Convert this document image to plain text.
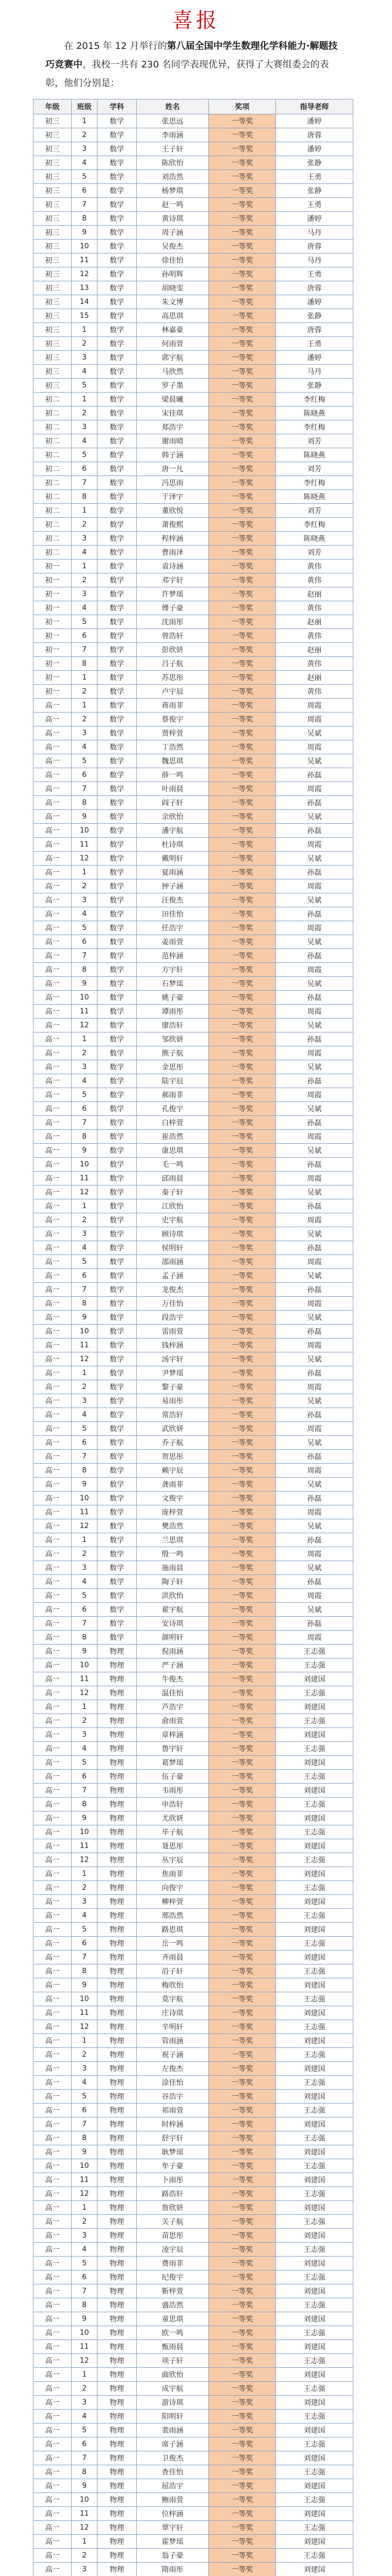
喜报

在 2015 年 12 月举行的第八届全国中学生数理化学科能力·解题技巧竞赛中，我校一共有 230 名同学表现优异，获得了大赛组委会的表彰，他们分别是：

年级	班级	学科	姓名	奖项	指导老师
初三	1	数学	张思远	一等奖	潘婷
初三	2	数学	李雨涵	一等奖	唐蓉
初三	3	数学	王子轩	一等奖	潘婷
初三	4	数学	陈欣怡	一等奖	张静
初三	5	数学	刘浩然	一等奖	王勇
初三	6	数学	杨梦琪	一等奖	张静
初三	7	数学	赵一鸣	一等奖	王勇
初三	8	数学	黄诗琪	一等奖	潘婷
初三	9	数学	周子涵	一等奖	马丹
初三	10	数学	吴俊杰	一等奖	唐蓉
初三	11	数学	徐佳怡	一等奖	马丹
初三	12	数学	孙明辉	一等奖	王勇
初三	13	数学	胡晓雯	一等奖	唐蓉
初三	14	数学	朱文博	一等奖	潘婷
初三	15	数学	高思琪	一等奖	张静
初三	1	数学	林嘉豪	一等奖	唐蓉
初三	2	数学	何雨萱	一等奖	王勇
初三	3	数学	郭宇航	一等奖	潘婷
初三	4	数学	马欣然	一等奖	马丹
初三	5	数学	罗子墨	一等奖	张静
初二	1	数学	梁晨曦	一等奖	李红梅
初二	2	数学	宋佳琪	一等奖	陈晓燕
初二	3	数学	郑浩宇	一等奖	李红梅
初二	4	数学	谢雨晴	一等奖	刘芳
初二	5	数学	韩子涵	一等奖	陈晓燕
初二	6	数学	唐一凡	一等奖	刘芳
初二	7	数学	冯思雨	一等奖	李红梅
初二	8	数学	于泽宇	一等奖	陈晓燕
初二	1	数学	董欣悦	一等奖	刘芳
初二	2	数学	萧俊熙	一等奖	李红梅
初二	3	数学	程梓涵	一等奖	陈晓燕
初二	4	数学	曹雨泽	一等奖	刘芳
初一	1	数学	袁诗涵	一等奖	黄伟
初一	2	数学	邓宇轩	一等奖	黄伟
初一	3	数学	许梦瑶	一等奖	赵丽
初一	4	数学	傅子豪	一等奖	黄伟
初一	5	数学	沈雨彤	一等奖	赵丽
初一	6	数学	曾浩轩	一等奖	黄伟
初一	7	数学	彭欣妍	一等奖	赵丽
初一	8	数学	吕子航	一等奖	黄伟
初一	1	数学	苏思彤	一等奖	赵丽
初一	2	数学	卢宇辰	一等奖	黄伟
高一	1	数学	蒋雨菲	一等奖	周霞
高一	2	数学	蔡俊宇	一等奖	周霞
高一	3	数学	贾梓萱	一等奖	吴斌
高一	4	数学	丁浩然	一等奖	周霞
高一	5	数学	魏思琪	一等奖	吴斌
高一	6	数学	薛一鸣	一等奖	孙磊
高一	7	数学	叶雨晨	一等奖	周霞
高一	8	数学	阎子轩	一等奖	孙磊
高一	9	数学	余欣怡	一等奖	吴斌
高一	10	数学	潘宇航	一等奖	孙磊
高一	11	数学	杜诗琪	一等奖	周霞
高一	12	数学	戴明轩	一等奖	吴斌
高一	1	数学	夏雨涵	一等奖	孙磊
高一	2	数学	钟子涵	一等奖	周霞
高一	3	数学	汪俊杰	一等奖	吴斌
高一	4	数学	田佳怡	一等奖	孙磊
高一	5	数学	任浩宇	一等奖	周霞
高一	6	数学	姜雨萱	一等奖	吴斌
高一	7	数学	范梓涵	一等奖	孙磊
高一	8	数学	方宇轩	一等奖	周霞
高一	9	数学	石梦瑶	一等奖	吴斌
高一	10	数学	姚子豪	一等奖	孙磊
高一	11	数学	谭雨彤	一等奖	周霞
高一	12	数学	廖浩轩	一等奖	吴斌
高一	1	数学	邹欣妍	一等奖	孙磊
高一	2	数学	熊子航	一等奖	周霞
高一	3	数学	金思彤	一等奖	吴斌
高一	4	数学	陆宇辰	一等奖	孙磊
高一	5	数学	郝雨菲	一等奖	周霞
高一	6	数学	孔俊宇	一等奖	吴斌
高一	7	数学	白梓萱	一等奖	孙磊
高一	8	数学	崔浩然	一等奖	周霞
高一	9	数学	康思琪	一等奖	吴斌
高一	10	数学	毛一鸣	一等奖	孙磊
高一	11	数学	邱雨晨	一等奖	周霞
高一	12	数学	秦子轩	一等奖	吴斌
高一	1	数学	江欣怡	一等奖	孙磊
高一	2	数学	史宇航	一等奖	周霞
高一	3	数学	顾诗琪	一等奖	吴斌
高一	4	数学	侯明轩	一等奖	孙磊
高一	5	数学	邵雨涵	一等奖	周霞
高一	6	数学	孟子涵	一等奖	吴斌
高一	7	数学	龙俊杰	一等奖	孙磊
高一	8	数学	万佳怡	一等奖	周霞
高一	9	数学	段浩宇	一等奖	吴斌
高一	10	数学	雷雨萱	一等奖	孙磊
高一	11	数学	钱梓涵	一等奖	周霞
高一	12	数学	汤宇轩	一等奖	吴斌
高一	1	数学	尹梦瑶	一等奖	孙磊
高一	2	数学	黎子豪	一等奖	周霞
高一	3	数学	易雨彤	一等奖	吴斌
高一	4	数学	常浩轩	一等奖	孙磊
高一	5	数学	武欣妍	一等奖	周霞
高一	6	数学	乔子航	一等奖	吴斌
高一	7	数学	贺思彤	一等奖	孙磊
高一	8	数学	赖宇辰	一等奖	周霞
高一	9	数学	龚雨菲	一等奖	吴斌
高一	10	数学	文俊宇	一等奖	孙磊
高一	11	数学	庞梓萱	一等奖	周霞
高一	12	数学	樊浩然	一等奖	吴斌
高一	1	数学	兰思琪	一等奖	孙磊
高一	2	数学	殷一鸣	一等奖	周霞
高一	3	数学	施雨晨	一等奖	吴斌
高一	4	数学	陶子轩	一等奖	孙磊
高一	5	数学	洪欣怡	一等奖	周霞
高一	6	数学	翟宇航	一等奖	吴斌
高一	7	数学	安诗琪	一等奖	孙磊
高一	8	数学	颜明轩	一等奖	周霞
高一	9	物理	倪雨涵	一等奖	王志强
高一	10	物理	严子涵	一等奖	王志强
高一	11	物理	牛俊杰	一等奖	刘建国
高一	12	物理	温佳怡	一等奖	王志强
高一	1	物理	芦浩宇	一等奖	刘建国
高一	2	物理	俞雨萱	一等奖	王志强
高一	3	物理	章梓涵	一等奖	刘建国
高一	4	物理	鲁宇轩	一等奖	王志强
高一	5	物理	葛梦瑶	一等奖	刘建国
高一	6	物理	伍子豪	一等奖	王志强
高一	7	物理	韦雨彤	一等奖	刘建国
高一	8	物理	申浩轩	一等奖	王志强
高一	9	物理	尤欣妍	一等奖	刘建国
高一	10	物理	毕子航	一等奖	王志强
高一	11	物理	聂思彤	一等奖	刘建国
高一	12	物理	丛宇辰	一等奖	王志强
高一	1	物理	焦雨菲	一等奖	刘建国
高一	2	物理	向俊宇	一等奖	王志强
高一	3	物理	柳梓萱	一等奖	刘建国
高一	4	物理	邢浩然	一等奖	王志强
高一	5	物理	路思琪	一等奖	刘建国
高一	6	物理	岳一鸣	一等奖	王志强
高一	7	物理	齐雨晨	一等奖	刘建国
高一	8	物理	沿子轩	一等奖	王志强
高一	9	物理	梅欣怡	一等奖	刘建国
高一	10	物理	莫宇航	一等奖	王志强
高一	11	物理	庄诗琪	一等奖	刘建国
高一	12	物理	辛明轩	一等奖	王志强
高一	1	物理	管雨涵	一等奖	刘建国
高一	2	物理	祝子涵	一等奖	王志强
高一	3	物理	左俊杰	一等奖	刘建国
高一	4	物理	涂佳怡	一等奖	王志强
高一	5	物理	谷浩宇	一等奖	刘建国
高一	6	物理	祁雨萱	一等奖	王志强
高一	7	物理	时梓涵	一等奖	刘建国
高一	8	物理	舒宇轩	一等奖	王志强
高一	9	物理	耿梦瑶	一等奖	刘建国
高一	10	物理	牟子豪	一等奖	王志强
高一	11	物理	卜雨彤	一等奖	刘建国
高一	12	物理	路浩轩	一等奖	王志强
高一	1	物理	詹欣妍	一等奖	刘建国
高一	2	物理	关子航	一等奖	王志强
高一	3	物理	苗思彤	一等奖	刘建国
高一	4	物理	凌宇辰	一等奖	王志强
高一	5	物理	费雨菲	一等奖	刘建国
高一	6	物理	纪俊宇	一等奖	王志强
高一	7	物理	靳梓萱	一等奖	刘建国
高一	8	物理	盛浩然	一等奖	王志强
高一	9	物理	童思琪	一等奖	刘建国
高一	10	物理	欧一鸣	一等奖	王志强
高一	11	物理	甄雨晨	一等奖	刘建国
高一	12	物理	项子轩	一等奖	王志强
高一	1	物理	曲欣怡	一等奖	刘建国
高一	2	物理	成宇航	一等奖	王志强
高一	3	物理	游诗琪	一等奖	刘建国
高一	4	物理	阳明轩	一等奖	王志强
高一	5	物理	裴雨涵	一等奖	刘建国
高一	6	物理	席子涵	一等奖	王志强
高一	7	物理	卫俊杰	一等奖	刘建国
高一	8	物理	查佳怡	一等奖	王志强
高一	9	物理	屈浩宇	一等奖	刘建国
高一	10	物理	鲍雨萱	一等奖	王志强
高一	11	物理	位梓涵	一等奖	刘建国
高一	12	物理	覃宇轩	一等奖	王志强
高一	1	物理	霍梦瑶	一等奖	刘建国
高一	2	物理	翁子豪	一等奖	王志强
高一	3	物理	隋雨彤	一等奖	刘建国
